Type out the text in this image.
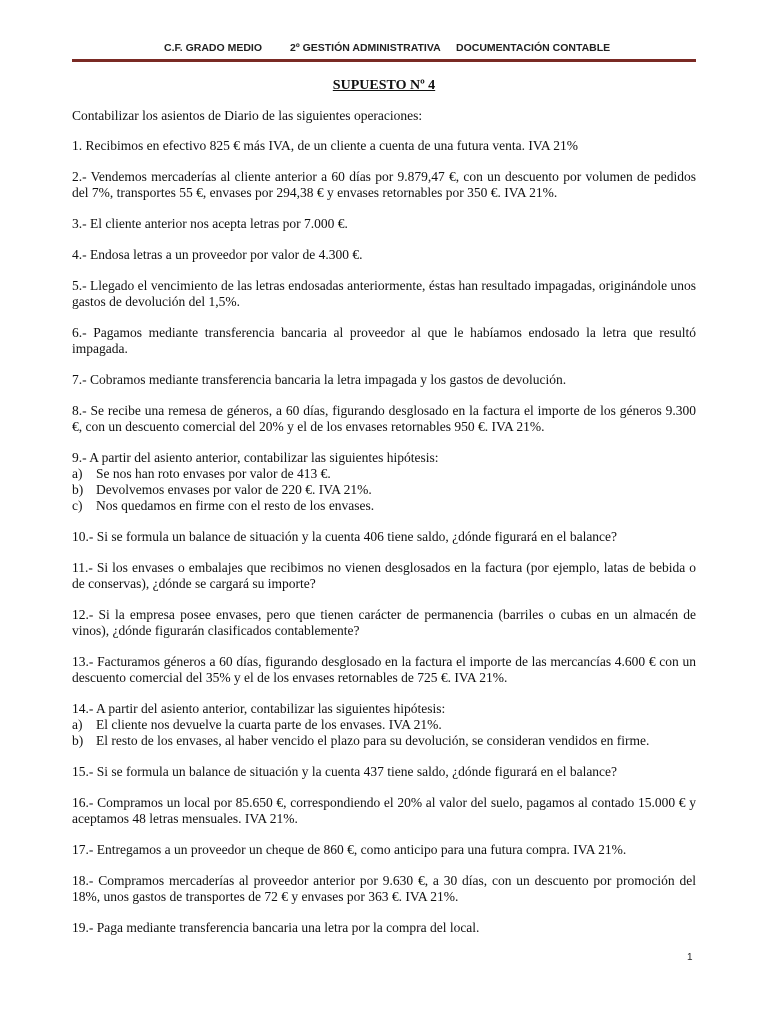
C.F. GRADO MEDIO	2º GESTIÓN ADMINISTRATIVA DOCUMENTACIÓN CONTABLE
SUPUESTO Nº 4

Contabilizar los asientos de Diario de las siguientes operaciones:

1. Recibimos en efectivo 825 € más IVA, de un cliente a cuenta de una futura venta. IVA 21%

2.- Vendemos mercaderías al cliente anterior a 60 días por 9.879,47 €, con un descuento por volumen de pedidos del 7%, transportes 55 €, envases por 294,38 € y envases retornables por 350 €. IVA 21%.

3.- El cliente anterior nos acepta letras por 7.000 €.

4.- Endosa letras a un proveedor por valor de 4.300 €.

5.- Llegado el vencimiento de las letras endosadas anteriormente, éstas han resultado impagadas, originándole unos gastos de devolución del 1,5%.

6.- Pagamos mediante transferencia bancaria al proveedor al que le habíamos endosado la letra que resultó impagada.

7.- Cobramos mediante transferencia bancaria la letra impagada y los gastos de devolución.

8.- Se recibe una remesa de géneros, a 60 días, figurando desglosado en la factura el importe de los géneros 9.300 €, con un descuento comercial del 20% y el de los envases retornables 950 €. IVA 21%.

9.- A partir del asiento anterior, contabilizar las siguientes hipótesis:

a)	Se nos han roto envases por valor de 413 €.
b) Devolvemos envases por valor de 220 €. IVA 21%.
c)	Nos quedamos en firme con el resto de los envases.

10.- Si se formula un balance de situación y la cuenta 406 tiene saldo, ¿dónde figurará en el balance?

11.- Si los envases o embalajes que recibimos no vienen desglosados en la factura (por ejemplo, latas de bebida o de conservas), ¿dónde se cargará su importe?

12.- Si la empresa posee envases, pero que tienen carácter de permanencia (barriles o cubas en un almacén de vinos), ¿dónde figurarán clasificados contablemente?

13.- Facturamos géneros a 60 días, figurando desglosado en la factura el importe de las mercancías 4.600 € con un descuento comercial del 35% y el de los envases retornables de 725 €. IVA 21%.

14.- A partir del asiento anterior, contabilizar las siguientes hipótesis:

a)	El cliente nos devuelve la cuarta parte de los envases. IVA 21%.
b) El resto de los envases, al haber vencido el plazo para su devolución, se consideran vendidos en firme.

15.- Si se formula un balance de situación y la cuenta 437 tiene saldo, ¿dónde figurará en el balance?

16.- Compramos un local por 85.650 €, correspondiendo el 20% al valor del suelo, pagamos al contado 15.000 € y aceptamos 48 letras mensuales. IVA 21%.

17.- Entregamos a un proveedor un cheque de 860 €, como anticipo para una futura compra. IVA 21%.

18.- Compramos mercaderías al proveedor anterior por 9.630 €, a 30 días, con un descuento por promoción del 18%, unos gastos de transportes de 72 € y envases por 363 €. IVA 21%.

19.- Paga mediante transferencia bancaria una letra por la compra del local.

1
